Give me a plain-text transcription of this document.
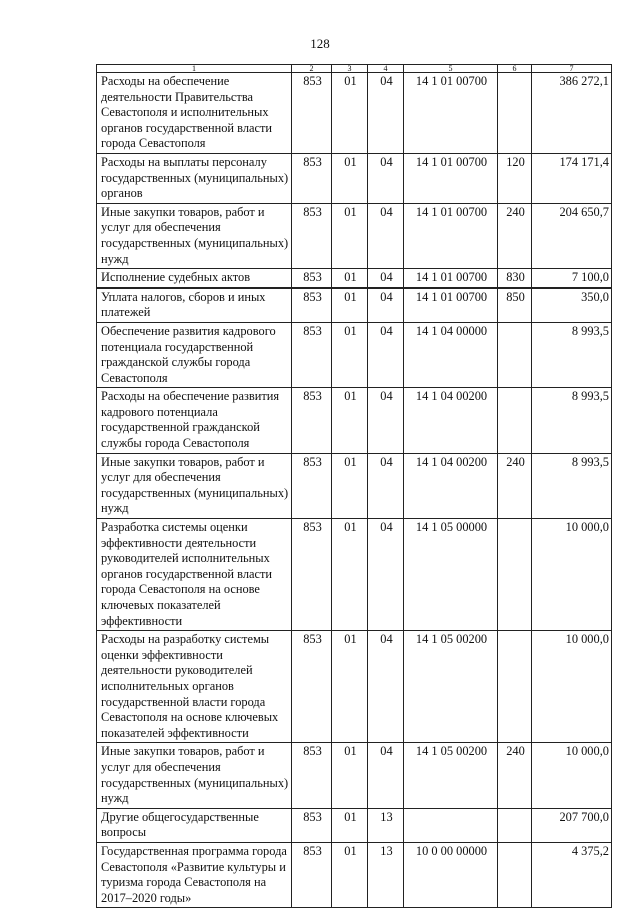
128
1	2	3	4	5	6	7
Расходы на обеспечение деятельности Правительства Севастополя и исполнительных органов государственной власти города Севастополя	853	01	04	14 1 01 00700		386 272,1
Расходы на выплаты персоналу государственных (муниципальных) органов	853	01	04	14 1 01 00700	120	174 171,4
Иные закупки товаров, работ и услуг для обеспечения государственных (муниципальных) нужд	853	01	04	14 1 01 00700	240	204 650,7
Исполнение судебных актов	853	01	04	14 1 01 00700	830	7 100,0
Уплата налогов, сборов и иных платежей	853	01	04	14 1 01 00700	850	350,0
Обеспечение развития кадрового потенциала государственной гражданской службы города Севастополя	853	01	04	14 1 04 00000		8 993,5
Расходы на обеспечение развития кадрового потенциала государственной гражданской службы города Севастополя	853	01	04	14 1 04 00200		8 993,5
Иные закупки товаров, работ и услуг для обеспечения государственных (муниципальных) нужд	853	01	04	14 1 04 00200	240	8 993,5
Разработка системы оценки эффективности деятельности руководителей исполнительных органов государственной власти города Севастополя на основе ключевых показателей эффективности	853	01	04	14 1 05 00000		10 000,0
Расходы на разработку системы оценки эффективности деятельности руководителей исполнительных органов государственной власти города Севастополя на основе ключевых показателей эффективности	853	01	04	14 1 05 00200		10 000,0
Иные закупки товаров, работ и услуг для обеспечения государственных (муниципальных) нужд	853	01	04	14 1 05 00200	240	10 000,0
Другие общегосударственные вопросы	853	01	13			207 700,0
Государственная программа города Севастополя «Развитие культуры и туризма города Севастополя на 2017–2020 годы»	853	01	13	10 0 00 00000		4 375,2
